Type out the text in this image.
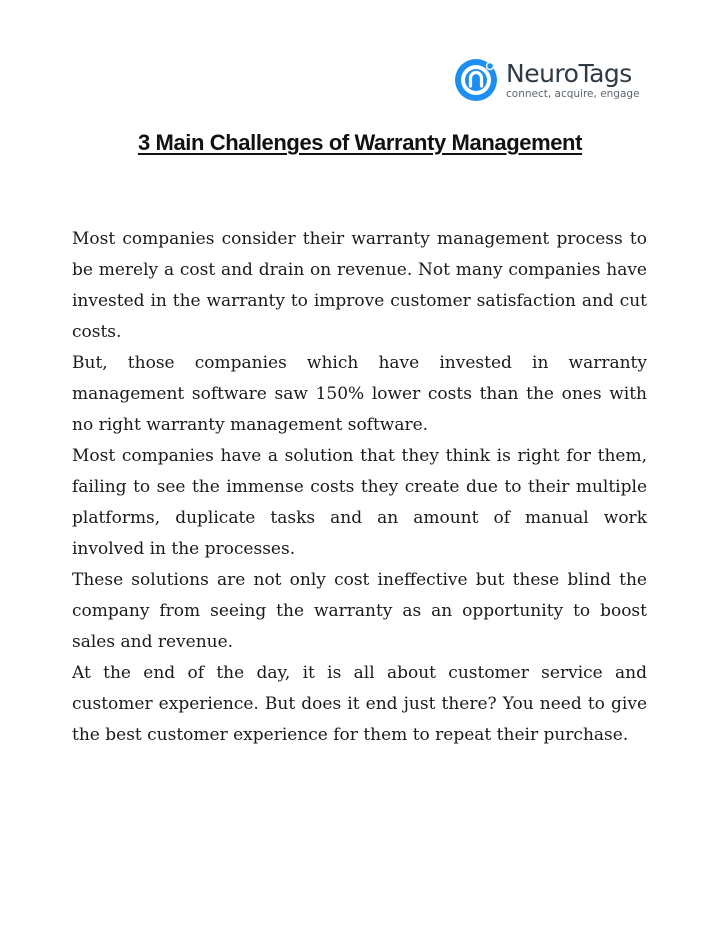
NeuroTags
connect, acquire, engage
3 Main Challenges of Warranty Management

Most companies consider their warranty management process to be merely a cost and drain on revenue. Not many companies have invested in the warranty to improve customer satisfaction and cut costs.

But, those companies which have invested in warranty management software saw 150% lower costs than the ones with no right warranty management software.

Most companies have a solution that they think is right for them, failing to see the immense costs they create due to their multiple platforms, duplicate tasks and an amount of manual work involved in the processes.

These solutions are not only cost ineffective but these blind the company from seeing the warranty as an opportunity to boost sales and revenue.

At the end of the day, it is all about customer service and customer experience. But does it end just there? You need to give the best customer experience for them to repeat their purchase.
